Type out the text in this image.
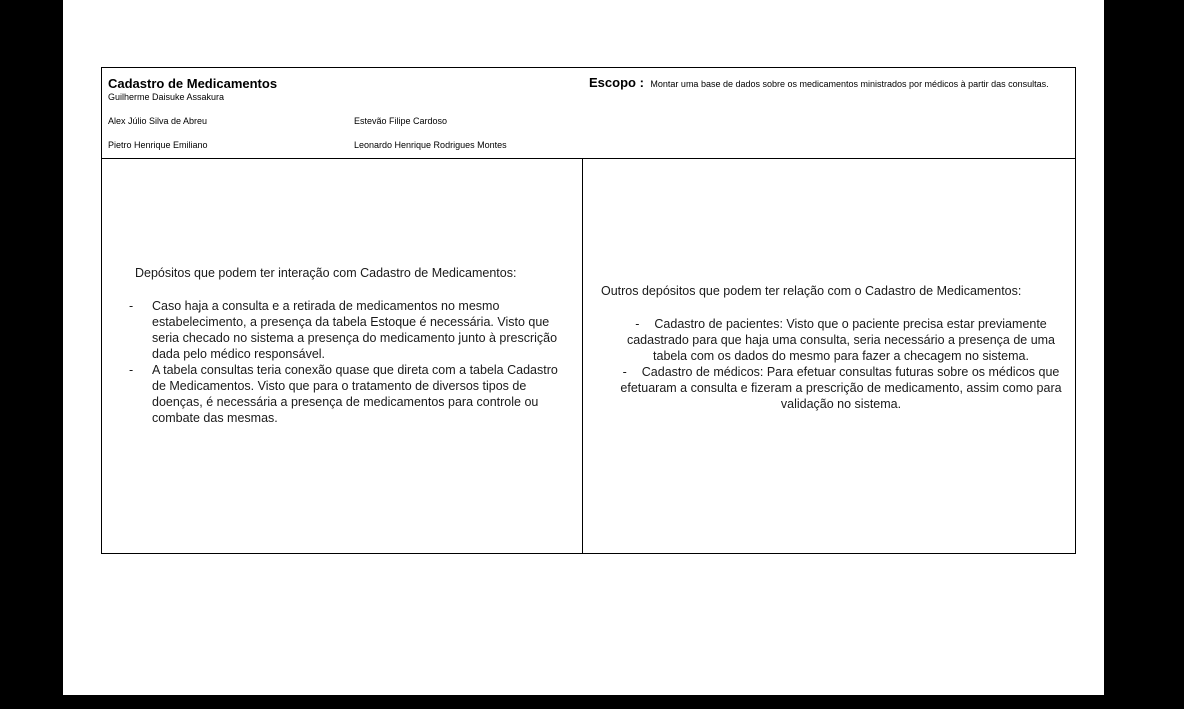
Cadastro de Medicamentos
Guilherme Daisuke Assakura
Alex Júlio Silva de Abreu	Estevão Filipe Cardoso
Pietro Henrique Emiliano	Leonardo Henrique Rodrigues Montes
Escopo : Montar uma base de dados sobre os medicamentos ministrados por médicos à partir das consultas.
Depósitos que podem ter interação com Cadastro de Medicamentos:
- Caso haja a consulta e a retirada de medicamentos no mesmo estabelecimento, a presença da tabela Estoque é necessária. Visto que seria checado no sistema a presença do medicamento junto à prescrição dada pelo médico responsável.
- A tabela consultas teria conexão quase que direta com a tabela Cadastro de Medicamentos. Visto que para o tratamento de diversos tipos de doenças, é necessária a presença de medicamentos para controle ou combate das mesmas.
Outros depósitos que podem ter relação com o Cadastro de Medicamentos:
- Cadastro de pacientes: Visto que o paciente precisa estar previamente cadastrado para que haja uma consulta, seria necessário a presença de uma tabela com os dados do mesmo para fazer a checagem no sistema.
- Cadastro de médicos: Para efetuar consultas futuras sobre os médicos que efetuaram a consulta e fizeram a prescrição de medicamento, assim como para validação no sistema.
